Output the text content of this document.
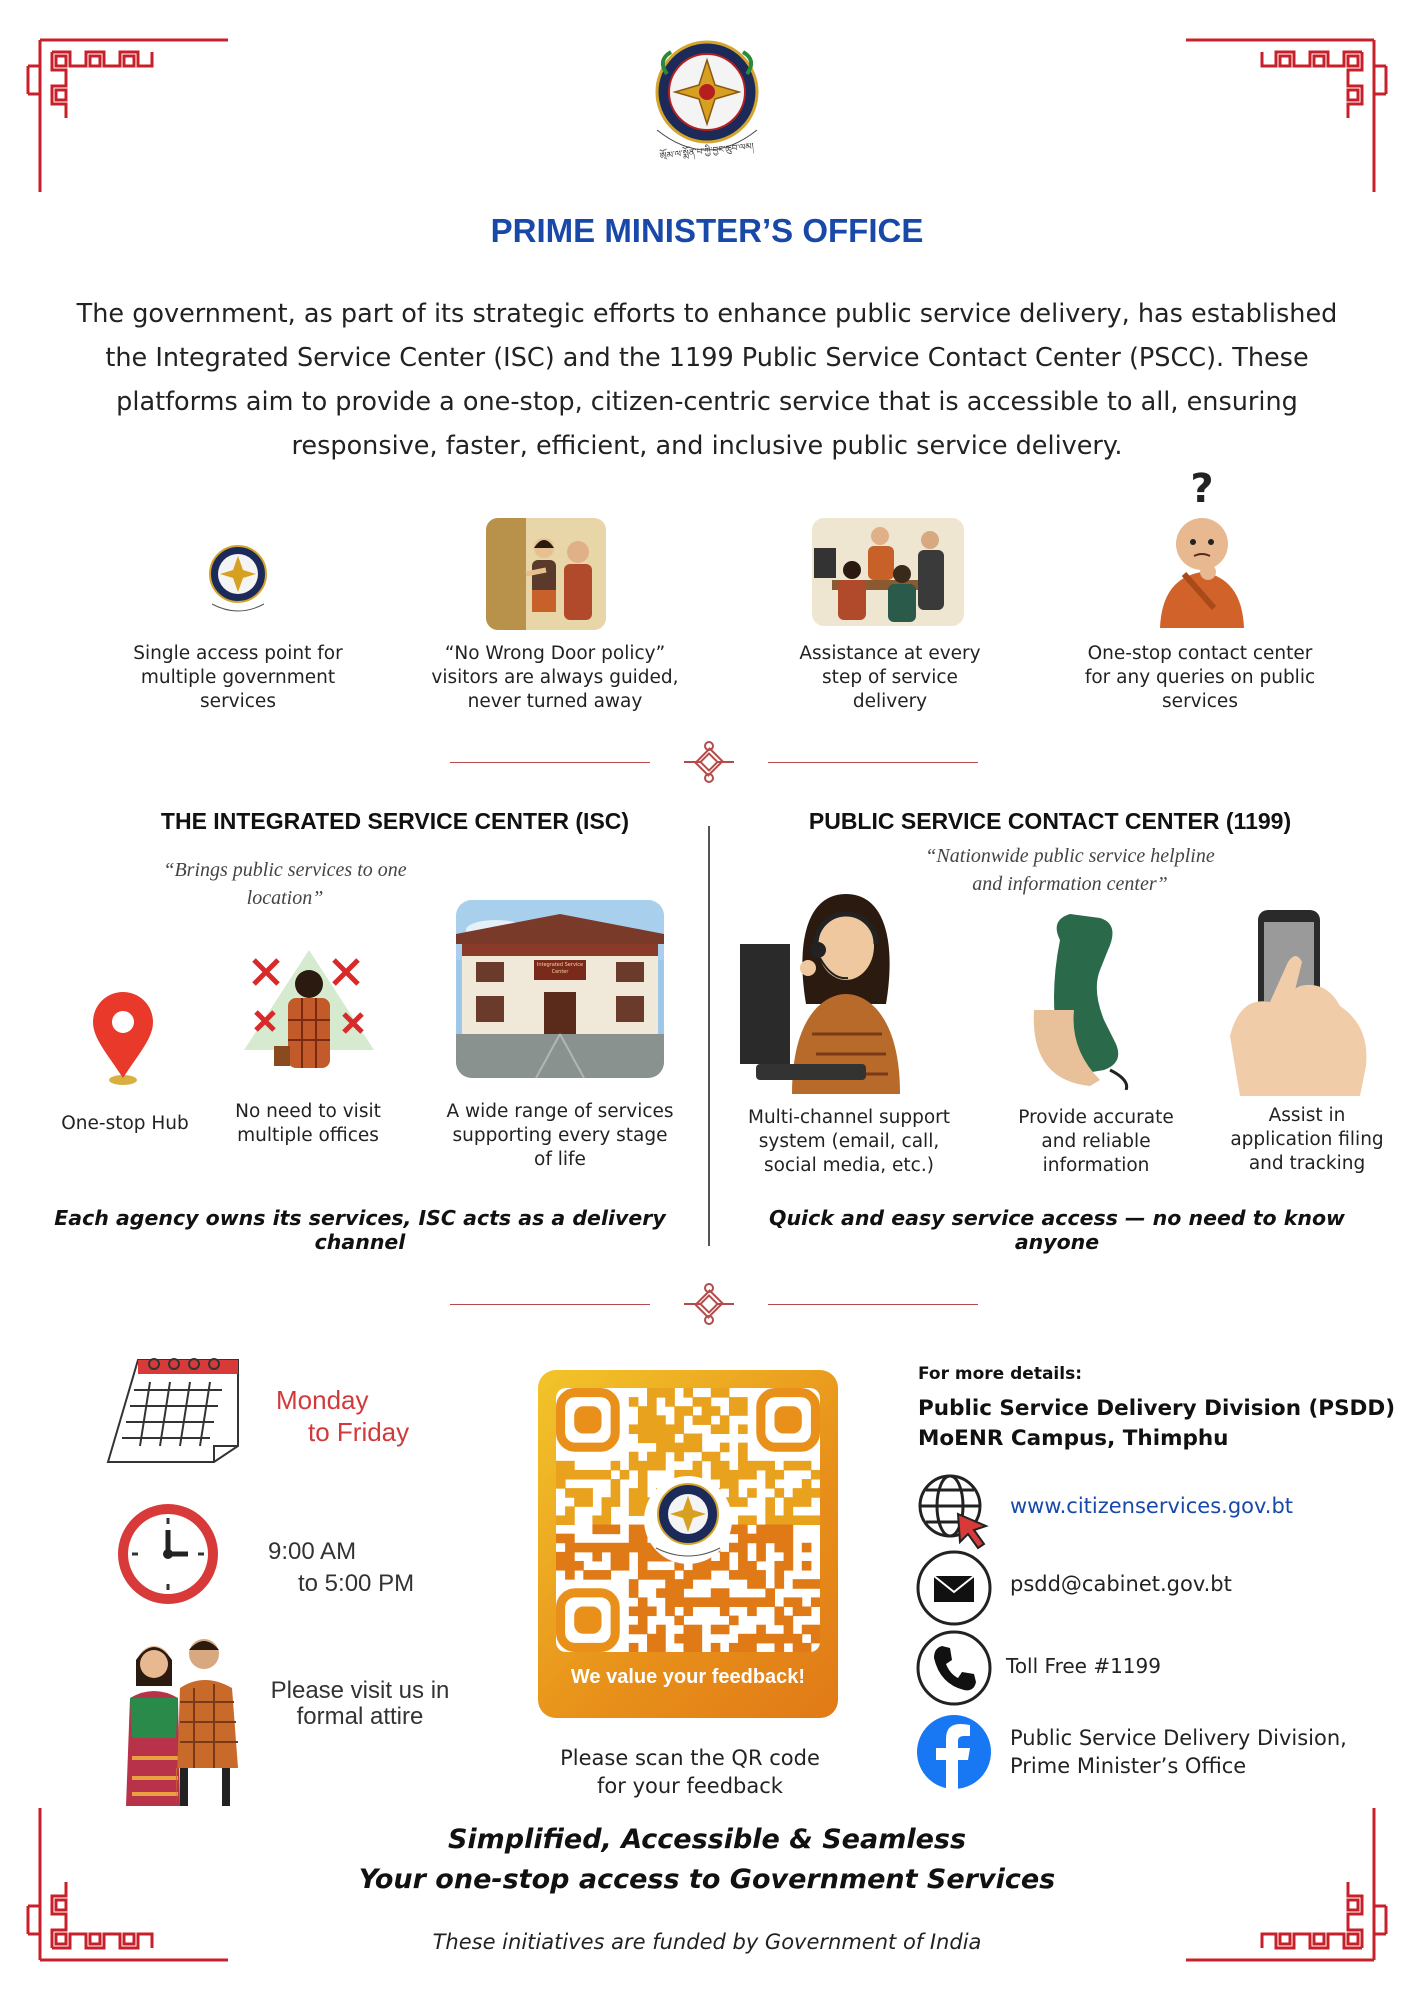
ཨ྄ོམ་ལ་སྨོན་པ་ཀྱི་བྱང་ཆུབ་ལམ།
PRIME MINISTER’S OFFICE
The government, as part of its strategic efforts to enhance public service delivery, has established
the Integrated Service Center (ISC) and the 1199 Public Service Contact Center (PSCC). These
platforms aim to provide a one-stop, citizen-centric service that is accessible to all, ensuring
responsive, faster, efficient, and inclusive public service delivery.
?
Single access point for
multiple government
services
“No Wrong Door policy”
visitors are always guided,
never turned away
Assistance at every
step of service
delivery
One-stop contact center
for any queries on public
services
THE INTEGRATED SERVICE CENTER (ISC)
“Brings public services to one
location”
Integrated Service Center
One-stop Hub
No need to visit
multiple offices
A wide range of services
supporting every stage
of life
Each agency owns its services, ISC acts as a delivery channel
PUBLIC SERVICE CONTACT CENTER (1199)
“Nationwide public service helpline
and information center”
Multi-channel support
system (email, call,
social media, etc.)
Provide accurate
and reliable
information
Assist in
application filing
and tracking
Quick and easy service access — no need to know anyone
Monday
to Friday
9:00 AM
to 5:00 PM
Please visit us in
formal attire
We value your feedback!
Please scan the QR code
for your feedback
For more details:
Public Service Delivery Division (PSDD)
MoENR Campus, Thimphu
www.citizenservices.gov.bt
psdd@cabinet.gov.bt
Toll Free #1199
Public Service Delivery Division,
Prime Minister’s Office
Simplified, Accessible & Seamless
Your one-stop access to Government Services
These initiatives are funded by Government of India
